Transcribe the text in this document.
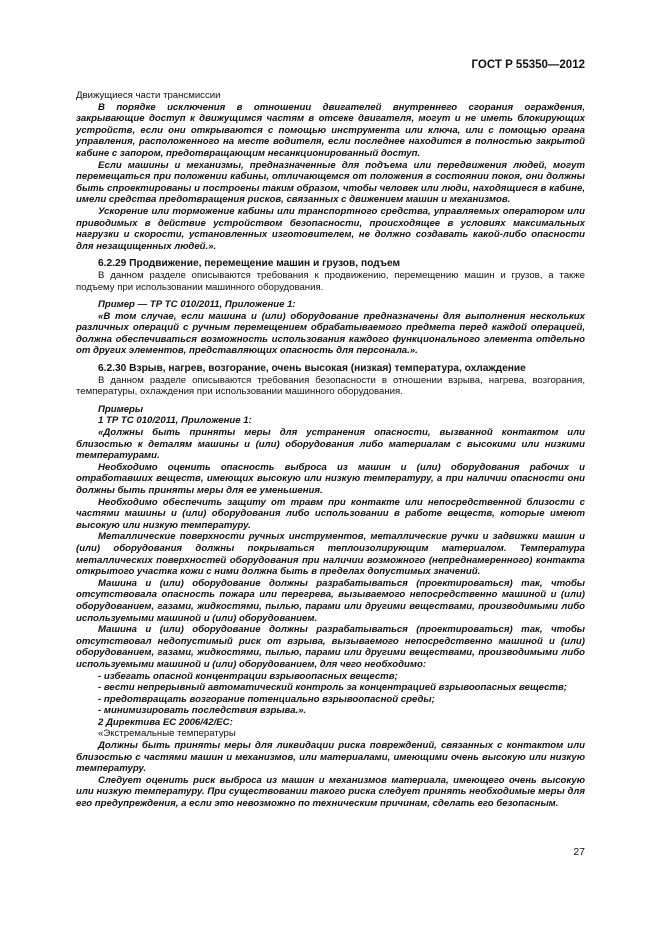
ГОСТ Р 55350—2012

Движущиеся части трансмиссии

В порядке исключения в отношении двигателей внутреннего сгорания ограждения, закрывающие доступ к движущимся частям в отсеке двигателя, могут и не иметь блокирующих устройств, если они открываются с помощью инструмента или ключа, или с помощью органа управления, расположенного на месте водителя, если последнее находится в полностью закрытой кабине с запором, предотвращающим несанкционированный доступ.

Если машины и механизмы, предназначенные для подъема или передвижения людей, могут перемещаться при положении кабины, отличающемся от положения в состоянии покоя, они должны быть спроектированы и построены таким образом, чтобы человек или люди, находящиеся в кабине, имели средства предотвращения рисков, связанных с движением машин и механизмов.

Ускорение или торможение кабины или транспортного средства, управляемых оператором или приводимых в действие устройством безопасности, происходящее в условиях максимальных нагрузки и скорости, установленных изготовителем, не должно создавать какой-либо опасности для незащищенных людей.».

6.2.29 Продвижение, перемещение машин и грузов, подъем

В данном разделе описываются требования к продвижению, перемещению машин и грузов, а также подъему при использовании машинного оборудования.

Пример — ТР ТС 010/2011, Приложение 1:

«В том случае, если машина и (или) оборудование предназначены для выполнения нескольких различных операций с ручным перемещением обрабатываемого предмета перед каждой операцией, должна обеспечиваться возможность использования каждого функционального элемента отдельно от других элементов, представляющих опасность для персонала.».

6.2.30 Взрыв, нагрев, возгорание, очень высокая (низкая) температура, охлаждение

В данном разделе описываются требования безопасности в отношении взрыва, нагрева, возгорания, температуры, охлаждения при использовании машинного оборудования.

Примеры

1 ТР ТС 010/2011, Приложение 1:

«Должны быть приняты меры для устранения опасности, вызванной контактом или близостью к деталям машины и (или) оборудования либо материалам с высокими или низкими температурами.

Необходимо оценить опасность выброса из машин и (или) оборудования рабочих и отработавших веществ, имеющих высокую или низкую температуру, а при наличии опасности они должны быть приняты меры для ее уменьшения.

Необходимо обеспечить защиту от травм при контакте или непосредственной близости с частями машины и (или) оборудования либо использовании в работе веществ, которые имеют высокую или низкую температуру.

Металлические поверхности ручных инструментов, металлические ручки и задвижки машин и (или) оборудования должны покрываться теплоизолирующим материалом. Температура металлических поверхностей оборудования при наличии возможного (непреднамеренного) контакта открытого участка кожи с ними должна быть в пределах допустимых значений.

Машина и (или) оборудование должны разрабатываться (проектироваться) так, чтобы отсутствовала опасность пожара или перегрева, вызываемого непосредственно машиной и (или) оборудованием, газами, жидкостями, пылью, парами или другими веществами, производимыми либо используемыми машиной и (или) оборудованием.

Машина и (или) оборудование должны разрабатываться (проектироваться) так, чтобы отсутствовал недопустимый риск от взрыва, вызываемого непосредственно машиной и (или) оборудованием, газами, жидкостями, пылью, парами или другими веществами, производимыми либо используемыми машиной и (или) оборудованием, для чего необходимо:

- избегать опасной концентрации взрывоопасных веществ;

- вести непрерывный автоматический контроль за концентрацией взрывоопасных веществ;

- предотвращать возгорание потенциально взрывоопасной среды;

- минимизировать последствия взрыва.».

2 Директива ЕС 2006/42/ЕС:

«Экстремальные температуры

Должны быть приняты меры для ликвидации риска повреждений, связанных с контактом или близостью с частями машин и механизмов, или материалами, имеющими очень высокую или низкую температуру.

Следует оценить риск выброса из машин и механизмов материала, имеющего очень высокую или низкую температуру. При существовании такого риска следует принять необходимые меры для его предупреждения, а если это невозможно по техническим причинам, сделать его безопасным.

27
